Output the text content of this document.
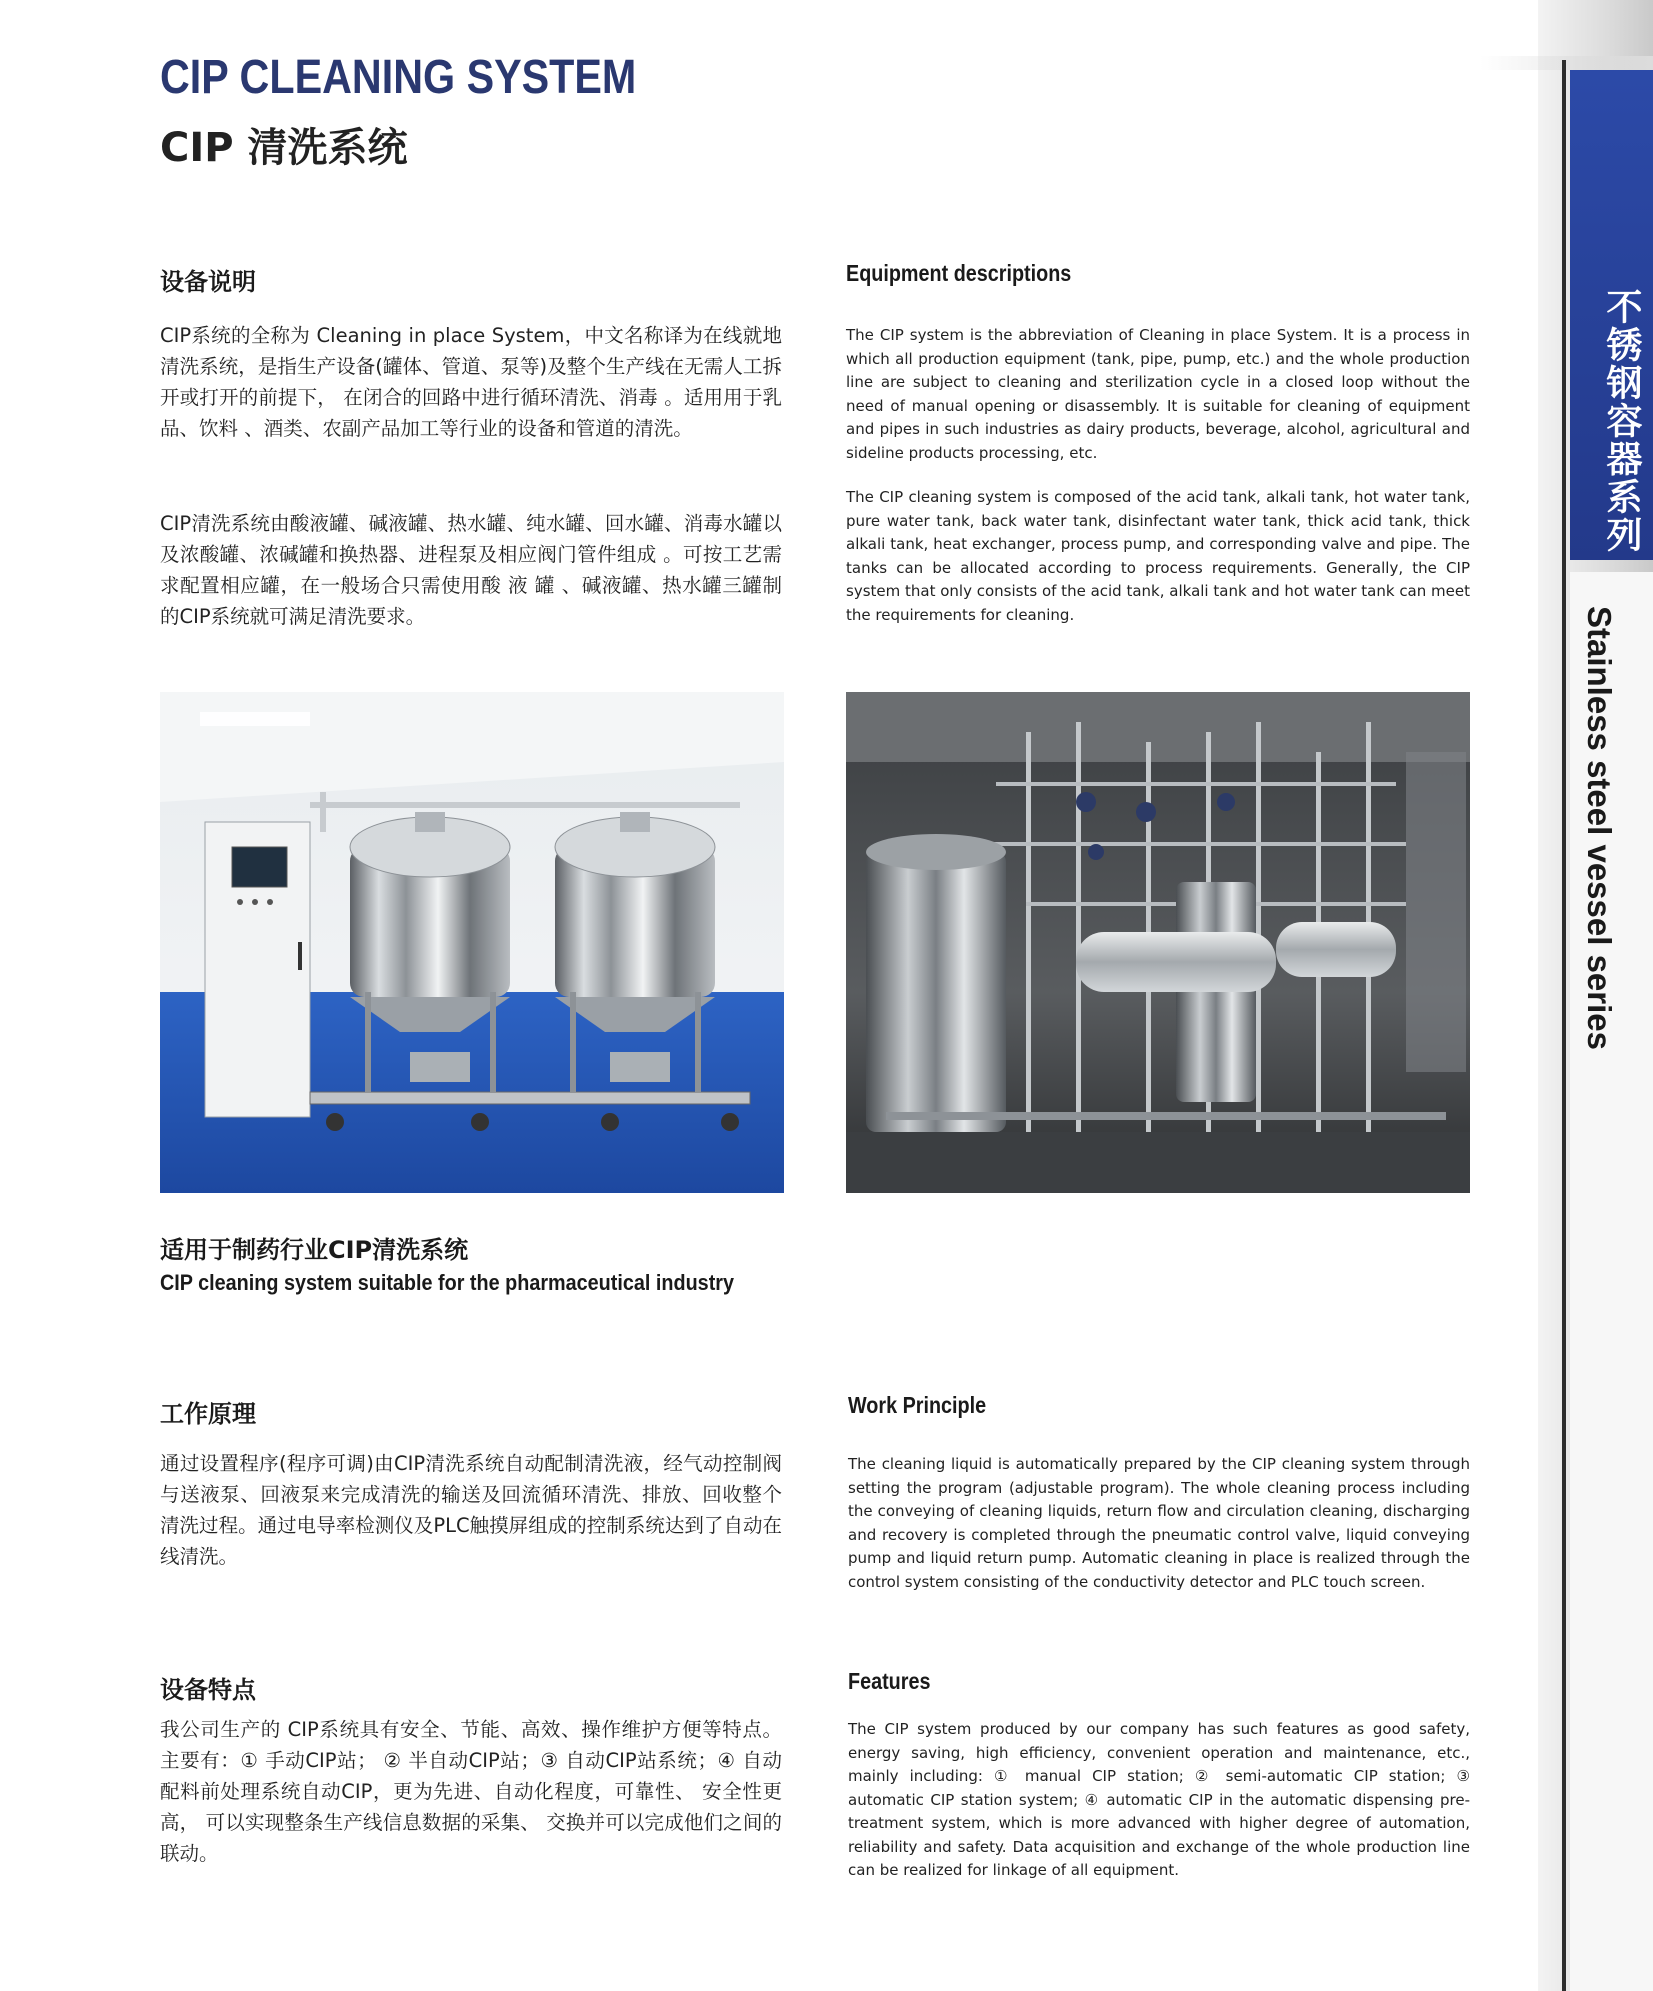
不锈钢容器系列
Stainless steel vessel series
CIP CLEANING SYSTEM
CIP 清洗系统
设备说明	Equipment descriptions
CIP系统的全称为 Cleaning in place System，中文名称译为在线就地清洗系统，是指生产设备(罐体、管道、泵等)及整个生产线在无需人工拆开或打开的前提下， 在闭合的回路中进行循环清洗、消毒 。适用用于乳品、饮料 、酒类、农副产品加工等行业的设备和管道的清洗。
CIP清洗系统由酸液罐、碱液罐、热水罐、纯水罐、回水罐、消毒水罐以及浓酸罐、浓碱罐和换热器、进程泵及相应阀门管件组成 。可按工艺需求配置相应罐，在一般场合只需使用酸 液 罐 、碱液罐、热水罐三罐制的CIP系统就可满足清洗要求。
The CIP system is the abbreviation of Cleaning in place System. It is a process in which all production equipment (tank, pipe, pump, etc.) and the whole production line are subject to cleaning and sterilization cycle in a closed loop without the need of manual opening or disassembly. It is suitable for cleaning of equipment and pipes in such industries as dairy products, beverage, alcohol, agricultural and sideline products processing, etc.
The CIP cleaning system is composed of the acid tank, alkali tank, hot water tank, pure water tank, back water tank, disinfectant water tank, thick acid tank, thick alkali tank, heat exchanger, process pump, and corresponding valve and pipe. The tanks can be allocated according to process requirements. Generally, the CIP system that only consists of the acid tank, alkali tank and hot water tank can meet the requirements for cleaning.
适用于制药行业CIP清洗系统
CIP cleaning system suitable for the pharmaceutical industry
工作原理	Work Principle
通过设置程序(程序可调)由CIP清洗系统自动配制清洗液，经气动控制阀与送液泵、回液泵来完成清洗的输送及回流循环清洗、排放、回收整个清洗过程。通过电导率检测仪及PLC触摸屏组成的控制系统达到了自动在线清洗。
The cleaning liquid is automatically prepared by the CIP cleaning system through setting the program (adjustable program). The whole cleaning process including the conveying of cleaning liquids, return flow and circulation cleaning, discharging and recovery is completed through the pneumatic control valve, liquid conveying pump and liquid return pump. Automatic cleaning in place is realized through the control system consisting of the conductivity detector and PLC touch screen.
设备特点	Features
我公司生产的 CIP系统具有安全、节能、高效、操作维护方便等特点。主要有：① 手动CIP站； ② 半自动CIP站；③ 自动CIP站系统；④ 自动配料前处理系统自动CIP，更为先进、自动化程度，可靠性、 安全性更高， 可以实现整条生产线信息数据的采集、 交换并可以完成他们之间的联动。
The CIP system produced by our company has such features as good safety, energy saving, high efficiency, convenient operation and maintenance, etc., mainly including: ① manual CIP station; ② semi-automatic CIP station; ③ automatic CIP station system; ④ automatic CIP in the automatic dispensing pre-treatment system, which is more advanced with higher degree of automation, reliability and safety. Data acquisition and exchange of the whole production line can be realized for linkage of all equipment.
